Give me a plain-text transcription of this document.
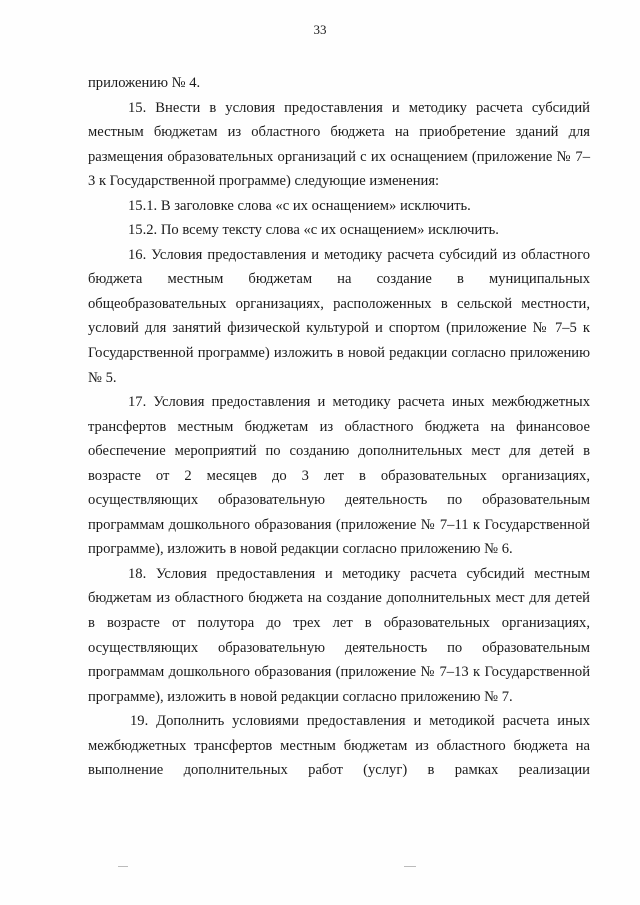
33

приложению № 4.

15. Внести в условия предоставления и методику расчета субсидий местным бюджетам из областного бюджета на приобретение зданий для размещения образовательных организаций с их оснащением (приложение № 7–3 к Государственной программе) следующие изменения:

15.1. В заголовке слова «с их оснащением» исключить.

15.2. По всему тексту слова «с их оснащением» исключить.

16. Условия предоставления и методику расчета субсидий из областного бюджета местным бюджетам на создание в муниципальных общеобразовательных организациях, расположенных в сельской местности, условий для занятий физической культурой и спортом (приложение № 7–5 к Государственной программе) изложить в новой редакции согласно приложению № 5.

17. Условия предоставления и методику расчета иных межбюджетных трансфертов местным бюджетам из областного бюджета на финансовое обеспечение мероприятий по созданию дополнительных мест для детей в возрасте от 2 месяцев до 3 лет в образовательных организациях, осуществляющих образовательную деятельность по образовательным программам дошкольного образования (приложение № 7–11 к Государственной программе), изложить в новой редакции согласно приложению № 6.

18. Условия предоставления и методику расчета субсидий местным бюджетам из областного бюджета на создание дополнительных мест для детей в возрасте от полутора до трех лет в образовательных организациях, осуществляющих образовательную деятельность по образовательным программам дошкольного образования (приложение № 7–13 к Государственной программе), изложить в новой редакции согласно приложению № 7.

19. Дополнить условиями предоставления и методикой расчета иных межбюджетных трансфертов местным бюджетам из областного бюджета на выполнение дополнительных работ (услуг) в рамках реализации
